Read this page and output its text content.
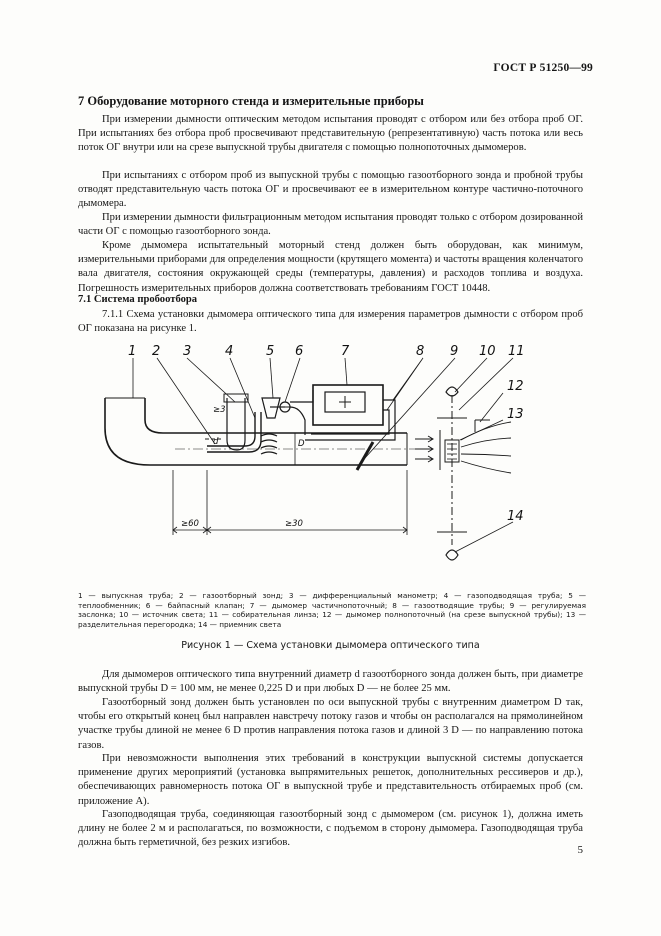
ГОСТ Р 51250—99
7 Оборудование моторного стенда и измерительные приборы

При измерении дымности оптическим методом испытания проводят с отбором или без отбора проб ОГ. При испытаниях без отбора проб просвечивают представительную (репрезентативную) часть потока или весь поток ОГ внутри или на срезе выпускной трубы двигателя с помощью полнопоточных дымомеров.

При испытаниях с отбором проб из выпускной трубы с помощью газоотборного зонда и пробной трубы отводят представительную часть потока ОГ и просвечивают ее в измерительном контуре частично-поточного дымомера.

При измерении дымности фильтрационным методом испытания проводят только с отбором дозированной части ОГ с помощью газоотборного зонда.

Кроме дымомера испытательный моторный стенд должен быть оборудован, как минимум, измерительными приборами для определения мощности (крутящего момента) и частоты вращения коленчатого вала двигателя, состояния окружающей среды (температуры, давления) и расходов топлива и воздуха. Погрешность измерительных приборов должна соответствовать требованиям ГОСТ 10448.

7.1 Система пробоотбора

7.1.1 Схема установки дымомера оптического типа для измерения параметров дымности с отбором проб ОГ показана на рисунке 1.

1 2 3	4	5 6	7	8 9 10 11
12
13
14
≥60	≥30
d	D
≥3

1 — выпускная труба; 2 — газоотборный зонд; 3 — дифференциальный манометр; 4 — газоподводящая труба; 5 — теплообменник; 6 — байпасный клапан; 7 — дымомер частичнопоточный; 8 — газоотводящие трубы; 9 — регулируемая заслонка; 10 — источник света; 11 — собирательная линза; 12 — дымомер полнопоточный (на срезе выпускной трубы); 13 — разделительная перегородка; 14 — приемник света

Рисунок 1 — Схема установки дымомера оптического типа

Для дымомеров оптического типа внутренний диаметр d газоотборного зонда должен быть, при диаметре выпускной трубы D = 100 мм, не менее 0,225 D и при любых D — не более 25 мм.

Газоотборный зонд должен быть установлен по оси выпускной трубы с внутренним диаметром D так, чтобы его открытый конец был направлен навстречу потоку газов и чтобы он располагался на прямолинейном участке трубы длиной не менее 6 D против направления потока газов и длиной 3 D — по направлению потока газов.

При невозможности выполнения этих требований в конструкции выпускной системы допускается применение других мероприятий (установка выпрямительных решеток, дополнительных рессиверов и др.), обеспечивающих равномерность потока ОГ в выпускной трубе и представительность отбираемых проб (см. приложение А).

Газоподводящая труба, соединяющая газоотборный зонд с дымомером (см. рисунок 1), должна иметь длину не более 2 м и располагаться, по возможности, с подъемом в сторону дымомера. Газоподводящая труба должна быть герметичной, без резких изгибов.

5
